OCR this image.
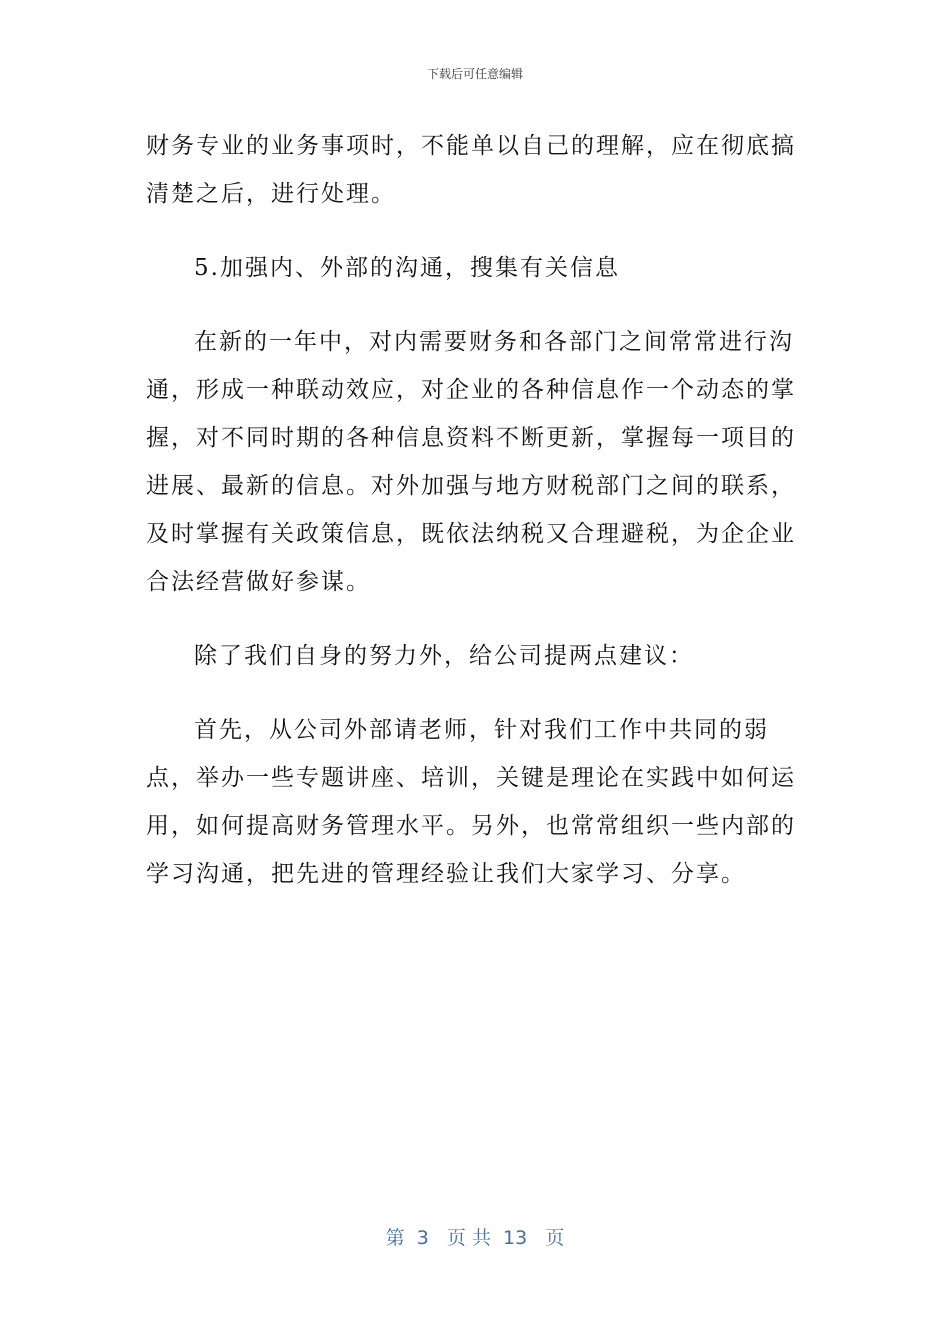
下载后可任意编辑

财务专业的业务事项时，不能单以自己的理解，应在彻底搞清楚之后，进行处理。

5.加强内、外部的沟通，搜集有关信息

在新的一年中，对内需要财务和各部门之间常常进行沟通，形成一种联动效应，对企业的各种信息作一个动态的掌握，对不同时期的各种信息资料不断更新，掌握每一项目的进展、最新的信息。对外加强与地方财税部门之间的联系，及时掌握有关政策信息，既依法纳税又合理避税，为企企业合法经营做好参谋。

除了我们自身的努力外，给公司提两点建议：

首先，从公司外部请老师，针对我们工作中共同的弱点，举办一些专题讲座、培训，关键是理论在实践中如何运用，如何提高财务管理水平。另外，也常常组织一些内部的学习沟通，把先进的管理经验让我们大家学习、分享。

第  3   页 共  13   页
